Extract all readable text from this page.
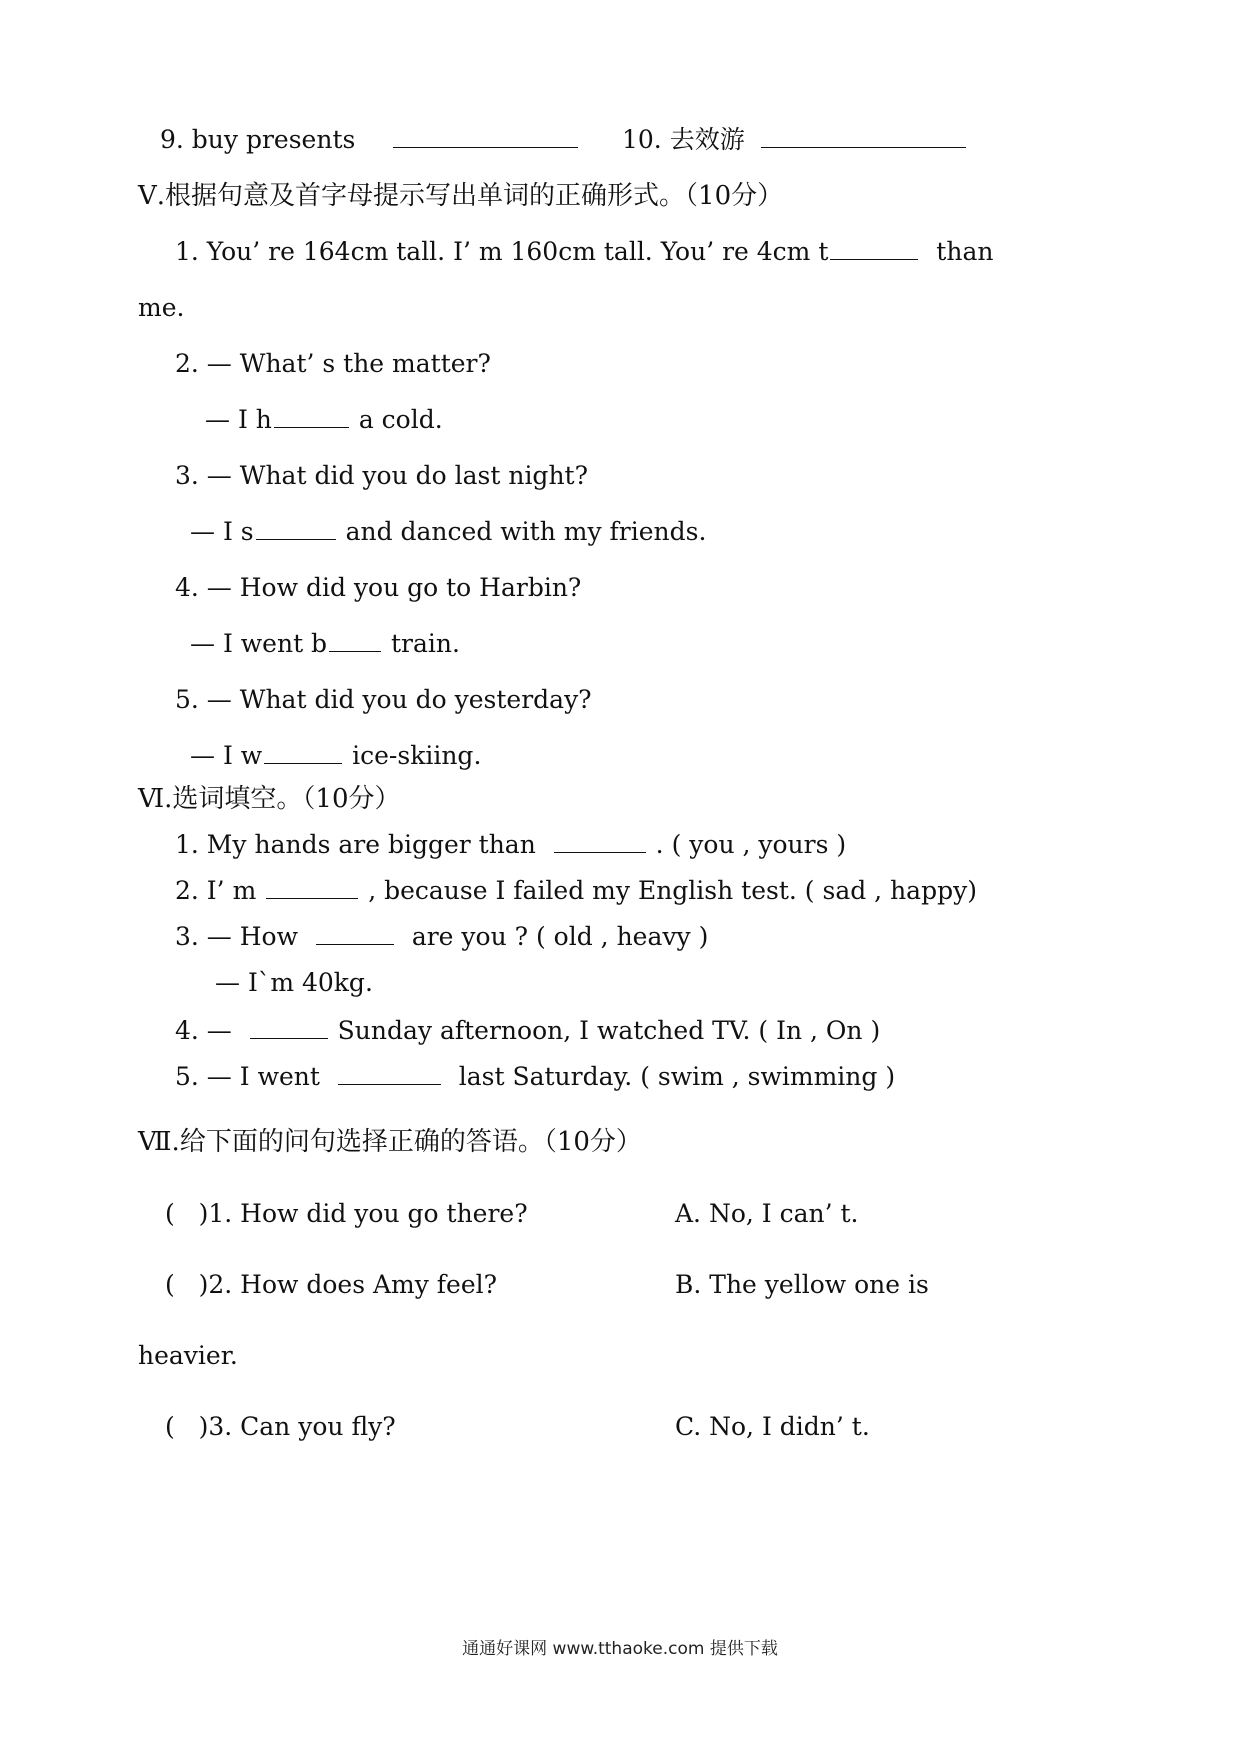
9. buy presents	10. 去效游
Ⅴ.根据句意及首字母提示写出单词的正确形式。（10分）
1. You’ re 164cm tall. I’ m 160cm tall. You’ re 4cm t	than
me.
2. — What’ s the matter?
— I h	a cold.
3. — What did you do last night?
— I s	and danced with my friends.
4. — How did you go to Harbin?
— I went b	train.
5. — What did you do yesterday?
— I w	ice-skiing.
Ⅵ.选词填空。（10分）
1. My hands are bigger than	. ( you , yours )
2. I’ m	, because I failed my English test. ( sad , happy)
3. — How	are you ? ( old , heavy )
— I`m 40kg.
4. —	Sunday afternoon, I watched TV. ( In , On )
5. — I went	last Saturday. ( swim , swimming )
Ⅶ.给下面的问句选择正确的答语。（10分）
(   )1. How did you go there?	A. No, I can’ t.
(   )2. How does Amy feel?	B. The yellow one is
heavier.
(   )3. Can you fly?	C. No, I didn’ t.
通通好课网 www.tthaoke.com 提供下载
